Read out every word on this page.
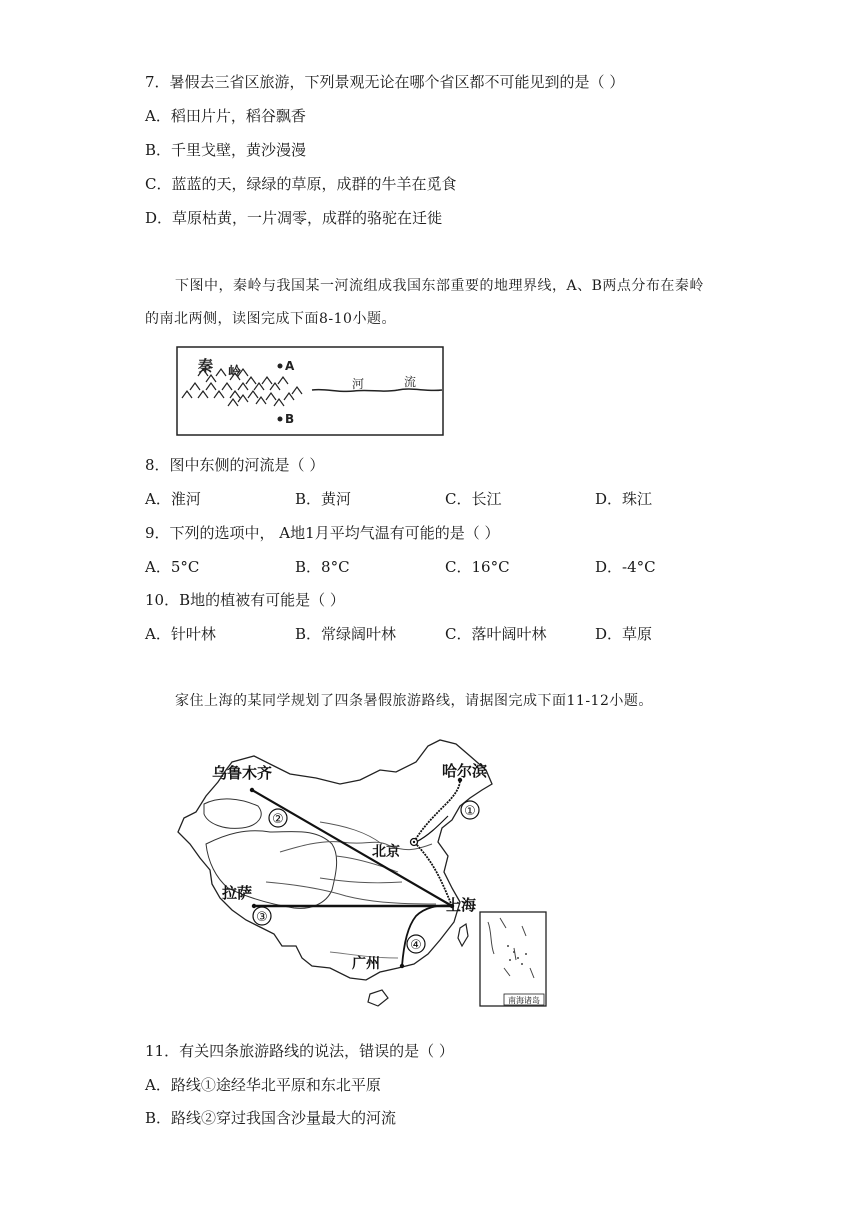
7．暑假去三省区旅游，下列景观无论在哪个省区都不可能见到的是（ ）
A．稻田片片，稻谷飘香
B．千里戈壁，黄沙漫漫
C．蓝蓝的天，绿绿的草原，成群的牛羊在觅食
D．草原枯黄，一片凋零，成群的骆驼在迁徙
下图中，秦岭与我国某一河流组成我国东部重要的地理界线，A、B两点分布在秦岭的南北两侧，读图完成下面8-10小题。
秦 岭	A
B
河	流
8．图中东侧的河流是（ ）
A．淮河	B．黄河	C．长江	D．珠江
9．下列的选项中， A地1月平均气温有可能的是（ ）
A．5°C	B．8°C	C．16°C	D．-4°C
10．B地的植被有可能是（ ）
A．针叶林	B．常绿阔叶林	C．落叶阔叶林	D．草原
家住上海的某同学规划了四条暑假旅游路线，请据图完成下面11-12小题。
①
②
③
④
乌鲁木齐	哈尔滨
北京
拉萨
上海
广州
南海诸岛
11．有关四条旅游路线的说法，错误的是（ ）
A．路线①途经华北平原和东北平原
B．路线②穿过我国含沙量最大的河流
